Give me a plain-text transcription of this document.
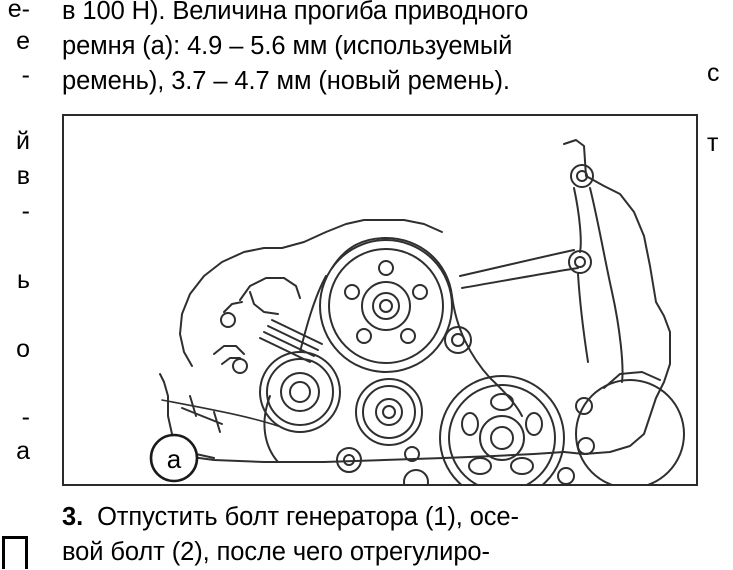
е-
е
-
й
в
-
ь
о
-
а
с
т

в 100 Н). Величина прогиба приводного

ремня (a): 4.9 – 5.6 мм (используемый

ремень), 3.7 – 4.7 мм (новый ремень).

a

3. Отпустить болт генератора (1), осе-

вой болт (2), после чего отрегулиро-
